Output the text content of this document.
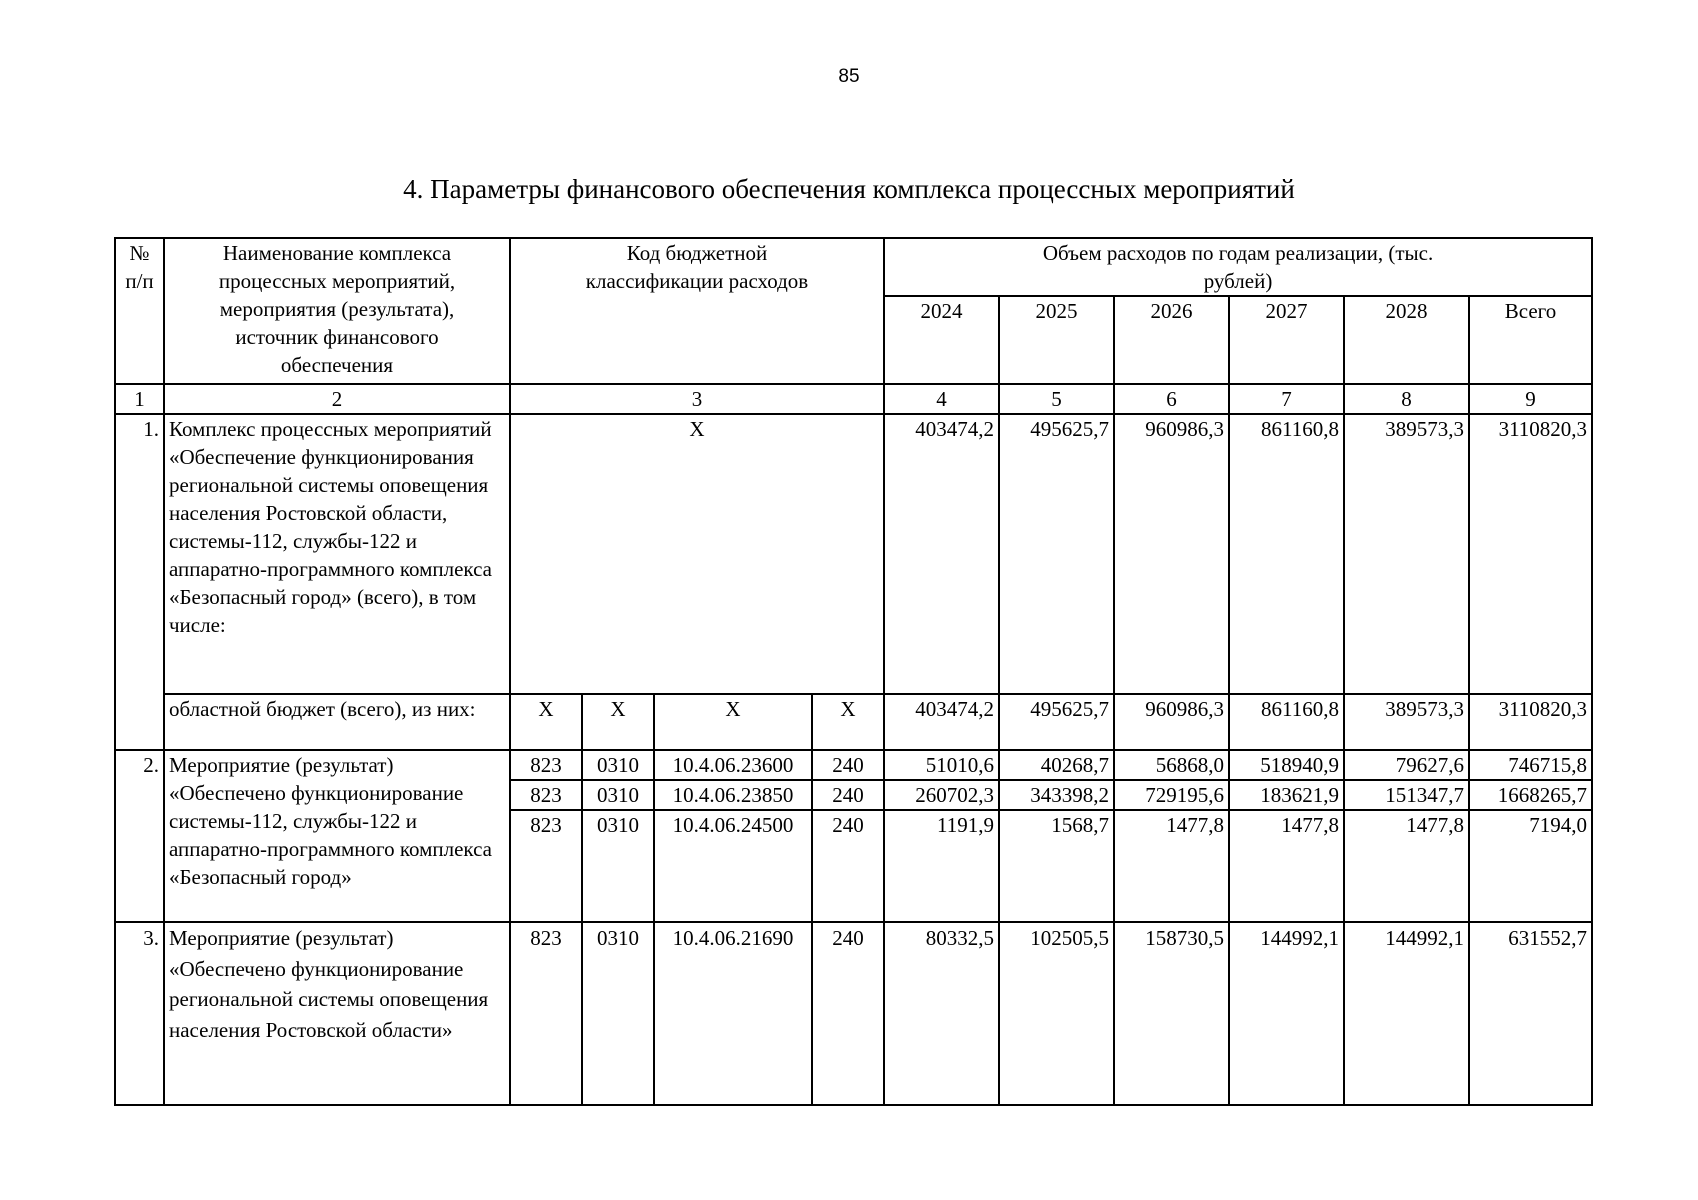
85
4. Параметры финансового обеспечения комплекса процессных мероприятий
№
п/п	Наименование комплекса процессных мероприятий, мероприятия (результата), источник финансового обеспечения	Код бюджетной классификации расходов				Объем расходов по годам реализации, (тыс. рублей)					
						2024	2025	2026	2027	2028	Всего
1	2	3				4	5	6	7	8	9
1.	Комплекс процессных мероприятий «Обеспечение функционирования региональной системы оповещения населения Ростовской области, системы-112, службы-122 и аппаратно-программного комплекса «Безопасный город» (всего), в том числе:	Х				403474,2	495625,7	960986,3	861160,8	389573,3	3110820,3
	областной бюджет (всего), из них:	Х	Х	Х	Х	403474,2	495625,7	960986,3	861160,8	389573,3	3110820,3
2.	Мероприятие (результат) «Обеспечено функционирование системы-112, службы-122 и аппаратно-программного комплекса «Безопасный город»	823	0310	10.4.06.23600	240	51010,6	40268,7	56868,0	518940,9	79627,6	746715,8
		823	0310	10.4.06.23850	240	260702,3	343398,2	729195,6	183621,9	151347,7	1668265,7
		823	0310	10.4.06.24500	240	1191,9	1568,7	1477,8	1477,8	1477,8	7194,0
3.	Мероприятие (результат) «Обеспечено функционирование региональной системы оповещения населения Ростовской области»	823	0310	10.4.06.21690	240	80332,5	102505,5	158730,5	144992,1	144992,1	631552,7
